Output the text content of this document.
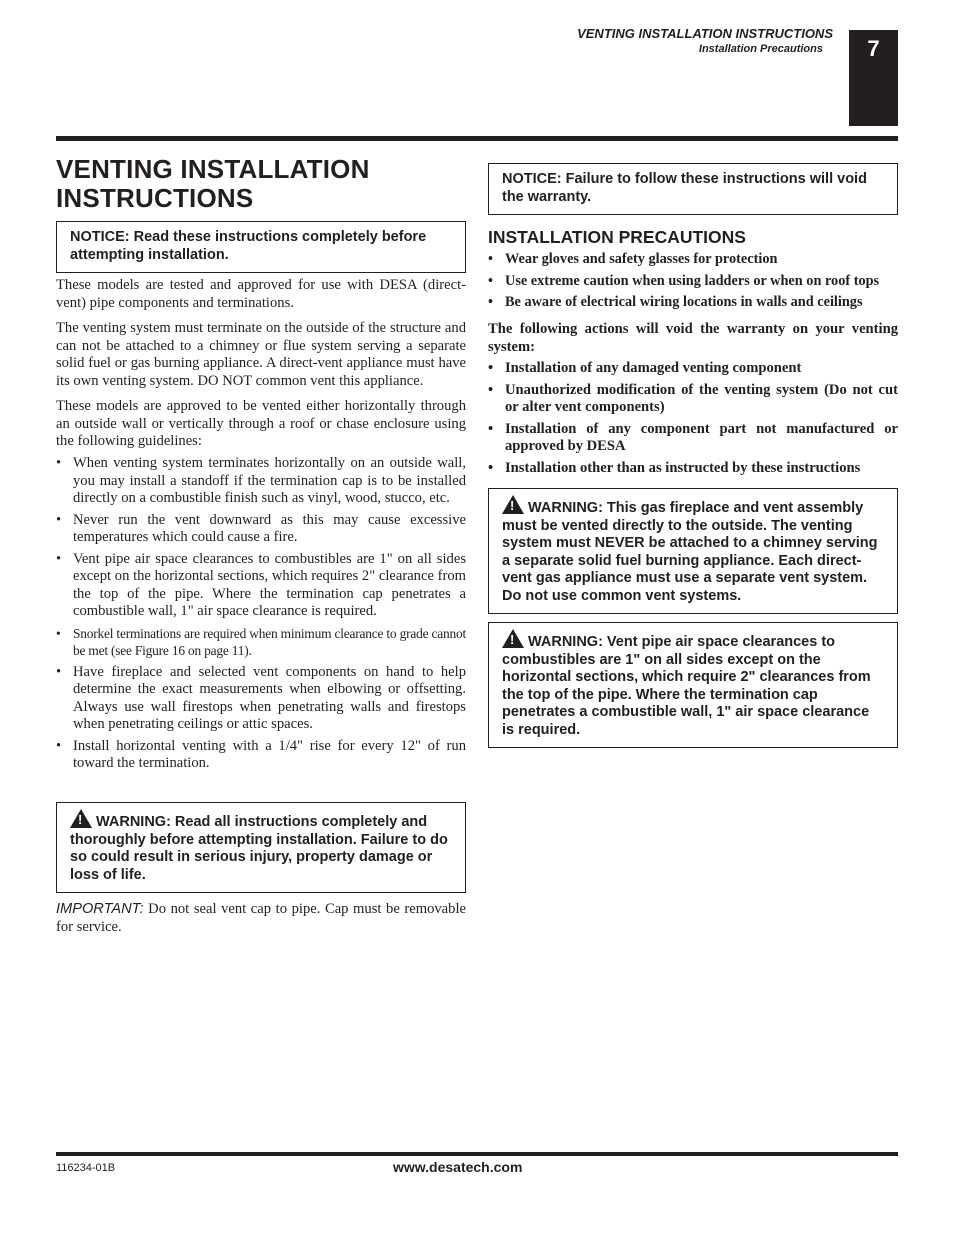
VENTING INSTALLATION INSTRUCTIONS
Installation Precautions	7
VENTING INSTALLATION INSTRUCTIONS
NOTICE: Read these instructions completely before attempting installation.

These models are tested and approved for use with DESA (direct-vent) pipe components and terminations.

The venting system must terminate on the outside of the structure and can not be attached to a chimney or flue system serving a separate solid fuel or gas burning appliance. A direct-vent appliance must have its own venting system. DO NOT common vent this appliance.

These models are approved to be vented either horizontally through an outside wall or vertically through a roof or chase enclosure using the following guidelines:

• When venting system terminates horizontally on an outside wall, you may install a standoff if the termination cap is to be installed directly on a combustible finish such as vinyl, wood, stucco, etc.
• Never run the vent downward as this may cause excessive temperatures which could cause a fire.
• Vent pipe air space clearances to combustibles are 1" on all sides except on the horizontal sections, which requires 2" clearance from the top of the pipe. Where the termination cap penetrates a combustible wall, 1" air space clearance is required.
• Snorkel terminations are required when minimum clearance to grade cannot be met (see Figure 16 on page 11).
• Have fireplace and selected vent components on hand to help determine the exact measurements when elbowing or offsetting. Always use wall firestops when penetrating walls and firestops when penetrating ceilings or attic spaces.
• Install horizontal venting with a 1/4" rise for every 12" of run toward the termination.
!WARNING: Read all instructions completely and thoroughly before attempting installation. Failure to do so could result in serious injury, property damage or loss of life.

IMPORTANT: Do not seal vent cap to pipe. Cap must be removable for service.

NOTICE: Failure to follow these instructions will void the warranty.
INSTALLATION PRECAUTIONS
• Wear gloves and safety glasses for protection
• Use extreme caution when using ladders or when on roof tops
• Be aware of electrical wiring locations in walls and ceilings

The following actions will void the warranty on your venting system:

• Installation of any damaged venting component
• Unauthorized modification of the venting system (Do not cut or alter vent components)
• Installation of any component part not manufactured or approved by DESA
• Installation other than as instructed by these instructions
!WARNING: This gas fireplace and vent assembly must be vented directly to the outside. The venting system must NEVER be attached to a chimney serving a separate solid fuel burning appliance. Each direct-vent gas appliance must use a separate vent system. Do not use common vent systems.
!WARNING: Vent pipe air space clearances to combustibles are 1" on all sides except on the horizontal sections, which require 2" clearances from the top of the pipe. Where the termination cap penetrates a combustible wall, 1" air space clearance is required.
116234-01B	www.desatech.com
